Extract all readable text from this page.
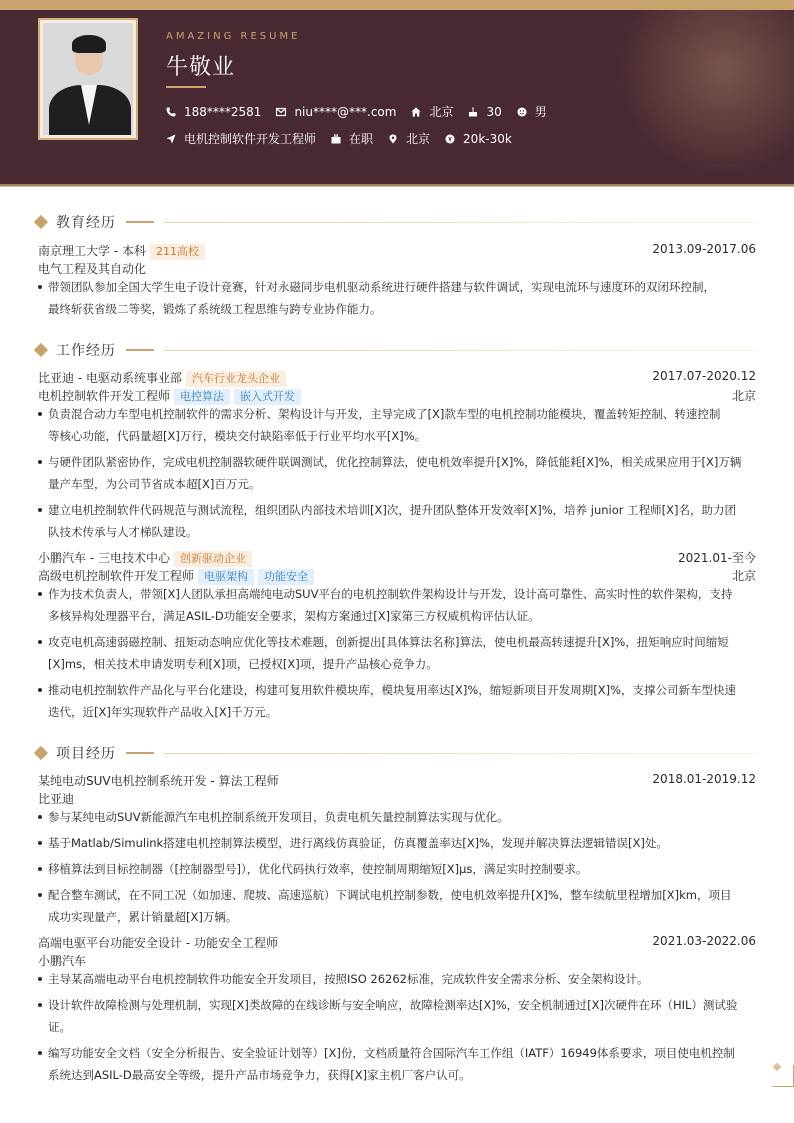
AMAZING RESUME
牛敬业
188****2581	niu****@***.com	北京	30	男
电机控制软件开发工程师	在职	北京	20k-30k
教育经历
南京理工大学 - 本科 211高校	2013.09-2017.06
电气工程及其自动化
带领团队参加全国大学生电子设计竞赛，针对永磁同步电机驱动系统进行硬件搭建与软件调试，实现电流环与速度环的双闭环控制，
最终斩获省级二等奖，锻炼了系统级工程思维与跨专业协作能力。
工作经历
比亚迪 - 电驱动系统事业部 汽车行业龙头企业	2017.07-2020.12
电机控制软件开发工程师 电控算法 嵌入式开发	北京
负责混合动力车型电机控制软件的需求分析、架构设计与开发，主导完成了[X]款车型的电机控制功能模块，覆盖转矩控制、转速控制
等核心功能，代码量超[X]万行，模块交付缺陷率低于行业平均水平[X]%。
与硬件团队紧密协作，完成电机控制器软硬件联调测试，优化控制算法，使电机效率提升[X]%，降低能耗[X]%，相关成果应用于[X]万辆
量产车型，为公司节省成本超[X]百万元。
建立电机控制软件代码规范与测试流程，组织团队内部技术培训[X]次，提升团队整体开发效率[X]%，培养 junior 工程师[X]名，助力团
队技术传承与人才梯队建设。
小鹏汽车 - 三电技术中心 创新驱动企业	2021.01-至今
高级电机控制软件开发工程师 电驱架构 功能安全	北京
作为技术负责人，带领[X]人团队承担高端纯电动SUV平台的电机控制软件架构设计与开发，设计高可靠性、高实时性的软件架构，支持
多核异构处理器平台，满足ASIL-D功能安全要求，架构方案通过[X]家第三方权威机构评估认证。
攻克电机高速弱磁控制、扭矩动态响应优化等技术难题，创新提出[具体算法名称]算法，使电机最高转速提升[X]%，扭矩响应时间缩短
[X]ms，相关技术申请发明专利[X]项，已授权[X]项，提升产品核心竞争力。
推动电机控制软件产品化与平台化建设，构建可复用软件模块库，模块复用率达[X]%，缩短新项目开发周期[X]%，支撑公司新车型快速
迭代，近[X]年实现软件产品收入[X]千万元。
项目经历
某纯电动SUV电机控制系统开发 - 算法工程师	2018.01-2019.12
比亚迪
参与某纯电动SUV新能源汽车电机控制系统开发项目，负责电机矢量控制算法实现与优化。
基于Matlab/Simulink搭建电机控制算法模型，进行离线仿真验证，仿真覆盖率达[X]%，发现并解决算法逻辑错误[X]处。
移植算法到目标控制器（[控制器型号]），优化代码执行效率，使控制周期缩短[X]μs，满足实时控制要求。
配合整车测试，在不同工况（如加速、爬坡、高速巡航）下调试电机控制参数，使电机效率提升[X]%，整车续航里程增加[X]km，项目
成功实现量产，累计销量超[X]万辆。
高端电驱平台功能安全设计 - 功能安全工程师	2021.03-2022.06
小鹏汽车
主导某高端电动平台电机控制软件功能安全开发项目，按照ISO 26262标准，完成软件安全需求分析、安全架构设计。
设计软件故障检测与处理机制，实现[X]类故障的在线诊断与安全响应，故障检测率达[X]%，安全机制通过[X]次硬件在环（HIL）测试验
证。
编写功能安全文档（安全分析报告、安全验证计划等）[X]份，文档质量符合国际汽车工作组（IATF）16949体系要求，项目使电机控制
系统达到ASIL-D最高安全等级，提升产品市场竞争力，获得[X]家主机厂客户认可。
